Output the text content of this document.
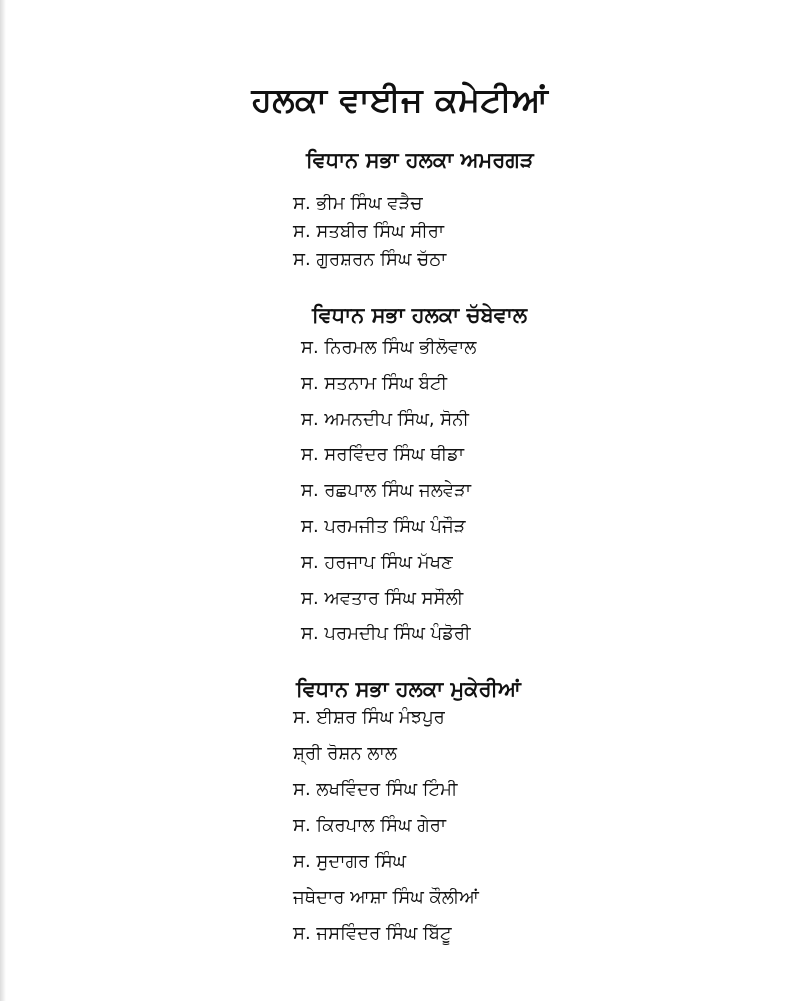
ਹਲਕਾ ਵਾਈਜ ਕਮੇਟੀਆਂ
ਵਿਧਾਨ ਸਭਾ ਹਲਕਾ ਅਮਰਗੜ
ਸ. ਭੀਮ ਸਿੰਘ ਵੜੈਚ
ਸ. ਸਤਬੀਰ ਸਿੰਘ ਸੀਰਾ
ਸ. ਗੁਰਸ਼ਰਨ ਸਿੰਘ ਚੱਠਾ
ਵਿਧਾਨ ਸਭਾ ਹਲਕਾ ਚੱਬੇਵਾਲ
ਸ. ਨਿਰਮਲ ਸਿੰਘ ਭੀਲੋਵਾਲ
ਸ. ਸਤਨਾਮ ਸਿੰਘ ਬੰਟੀ
ਸ. ਅਮਨਦੀਪ ਸਿੰਘ, ਸੋਨੀ
ਸ. ਸਰਵਿੰਦਰ ਸਿੰਘ ਥੀਡਾ
ਸ. ਰਛਪਾਲ ਸਿੰਘ ਜਲਵੇੜਾ
ਸ. ਪਰਮਜੀਤ ਸਿੰਘ ਪੰਜੌੜ
ਸ. ਹਰਜਾਪ ਸਿੰਘ ਮੱਖਣ
ਸ. ਅਵਤਾਰ ਸਿੰਘ ਸਸੌਲੀ
ਸ. ਪਰਮਦੀਪ ਸਿੰਘ ਪੰਡੋਰੀ
ਵਿਧਾਨ ਸਭਾ ਹਲਕਾ ਮੁਕੇਰੀਆਂ
ਸ. ਈਸ਼ਰ ਸਿੰਘ ਮੰਝਪੁਰ
ਸ਼੍ਰੀ ਰੋਸ਼ਨ ਲਾਲ
ਸ. ਲਖਵਿੰਦਰ ਸਿੰਘ ਟਿੰਮੀ
ਸ. ਕਿਰਪਾਲ ਸਿੰਘ ਗੇਰਾ
ਸ. ਸੁਦਾਗਰ ਸਿੰਘ
ਜਥੇਦਾਰ ਆਸ਼ਾ ਸਿੰਘ ਕੌਲੀਆਂ
ਸ. ਜਸਵਿੰਦਰ ਸਿੰਘ ਬਿੱਟੂ
